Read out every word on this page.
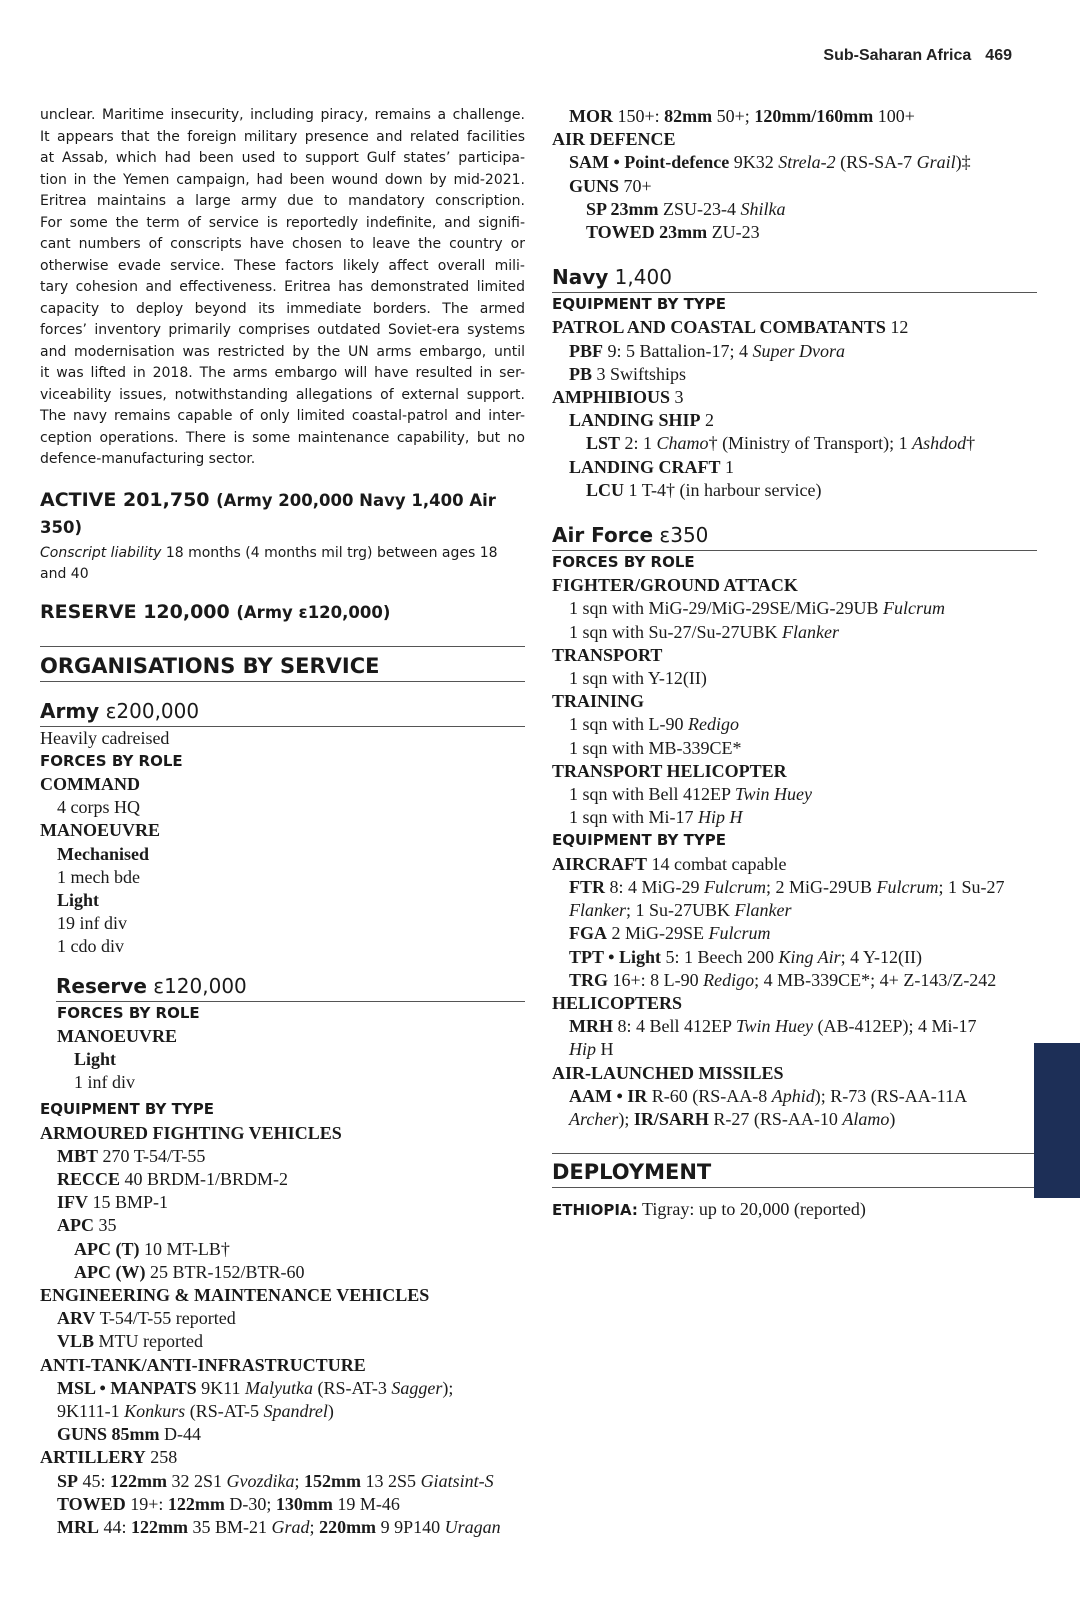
Sub-Saharan Africa 469
unclear. Maritime insecurity, including piracy, remains a challenge.
It appears that the foreign military presence and related facilities
at Assab, which had been used to support Gulf states’ participa-
tion in the Yemen campaign, had been wound down by mid-2021.
Eritrea maintains a large army due to mandatory conscription.
For some the term of service is reportedly indefinite, and signifi-
cant numbers of conscripts have chosen to leave the country or
otherwise evade service. These factors likely affect overall mili-
tary cohesion and effectiveness. Eritrea has demonstrated limited
capacity to deploy beyond its immediate borders. The armed
forces’ inventory primarily comprises outdated Soviet-era systems
and modernisation was restricted by the UN arms embargo, until
it was lifted in 2018. The arms embargo will have resulted in ser-
viceability issues, notwithstanding allegations of external support.
The navy remains capable of only limited coastal-patrol and inter-
ception operations. There is some maintenance capability, but no
defence-manufacturing sector.
ACTIVE 201,750 (Army 200,000 Navy 1,400 Air 350)
Conscript liability 18 months (4 months mil trg) between ages 18 and 40
RESERVE 120,000 (Army ε120,000)
ORGANISATIONS BY SERVICE
Army ε200,000
Heavily cadreised
FORCES BY ROLE
COMMAND
4 corps HQ
MANOEUVRE
Mechanised
1 mech bde
Light
19 inf div
1 cdo div
Reserve ε120,000
FORCES BY ROLE
MANOEUVRE
Light
1 inf div
EQUIPMENT BY TYPE
ARMOURED FIGHTING VEHICLES
MBT 270 T-54/T-55
RECCE 40 BRDM-1/BRDM-2
IFV 15 BMP-1
APC 35
APC (T) 10 MT-LB†
APC (W) 25 BTR-152/BTR-60
ENGINEERING & MAINTENANCE VEHICLES
ARV T-54/T-55 reported
VLB MTU reported
ANTI-TANK/ANTI-INFRASTRUCTURE
MSL • MANPATS 9K11 Malyutka (RS-AT-3 Sagger);
9K111-1 Konkurs (RS-AT-5 Spandrel)
GUNS 85mm D-44
ARTILLERY 258
SP 45: 122mm 32 2S1 Gvozdika; 152mm 13 2S5 Giatsint-S
TOWED 19+: 122mm D-30; 130mm 19 M-46
MRL 44: 122mm 35 BM-21 Grad; 220mm 9 9P140 Uragan
MOR 150+: 82mm 50+; 120mm/160mm 100+
AIR DEFENCE
SAM • Point-defence 9K32 Strela-2 (RS-SA-7 Grail)‡
GUNS 70+
SP 23mm ZSU-23-4 Shilka
TOWED 23mm ZU-23
Navy 1,400
EQUIPMENT BY TYPE
PATROL AND COASTAL COMBATANTS 12
PBF 9: 5 Battalion-17; 4 Super Dvora
PB 3 Swiftships
AMPHIBIOUS 3
LANDING SHIP 2
LST 2: 1 Chamo† (Ministry of Transport); 1 Ashdod†
LANDING CRAFT 1
LCU 1 T-4† (in harbour service)
Air Force ε350
FORCES BY ROLE
FIGHTER/GROUND ATTACK
1 sqn with MiG-29/MiG-29SE/MiG-29UB Fulcrum
1 sqn with Su-27/Su-27UBK Flanker
TRANSPORT
1 sqn with Y-12(II)
TRAINING
1 sqn with L-90 Redigo
1 sqn with MB-339CE*
TRANSPORT HELICOPTER
1 sqn with Bell 412EP Twin Huey
1 sqn with Mi-17 Hip H
EQUIPMENT BY TYPE
AIRCRAFT 14 combat capable
FTR 8: 4 MiG-29 Fulcrum; 2 MiG-29UB Fulcrum; 1 Su-27
Flanker; 1 Su-27UBK Flanker
FGA 2 MiG-29SE Fulcrum
TPT • Light 5: 1 Beech 200 King Air; 4 Y-12(II)
TRG 16+: 8 L-90 Redigo; 4 MB-339CE*; 4+ Z-143/Z-242
HELICOPTERS
MRH 8: 4 Bell 412EP Twin Huey (AB-412EP); 4 Mi-17
Hip H
AIR-LAUNCHED MISSILES
AAM • IR R-60 (RS-AA-8 Aphid); R-73 (RS-AA-11A
Archer); IR/SARH R-27 (RS-AA-10 Alamo)
DEPLOYMENT
ETHIOPIA: Tigray: up to 20,000 (reported)
